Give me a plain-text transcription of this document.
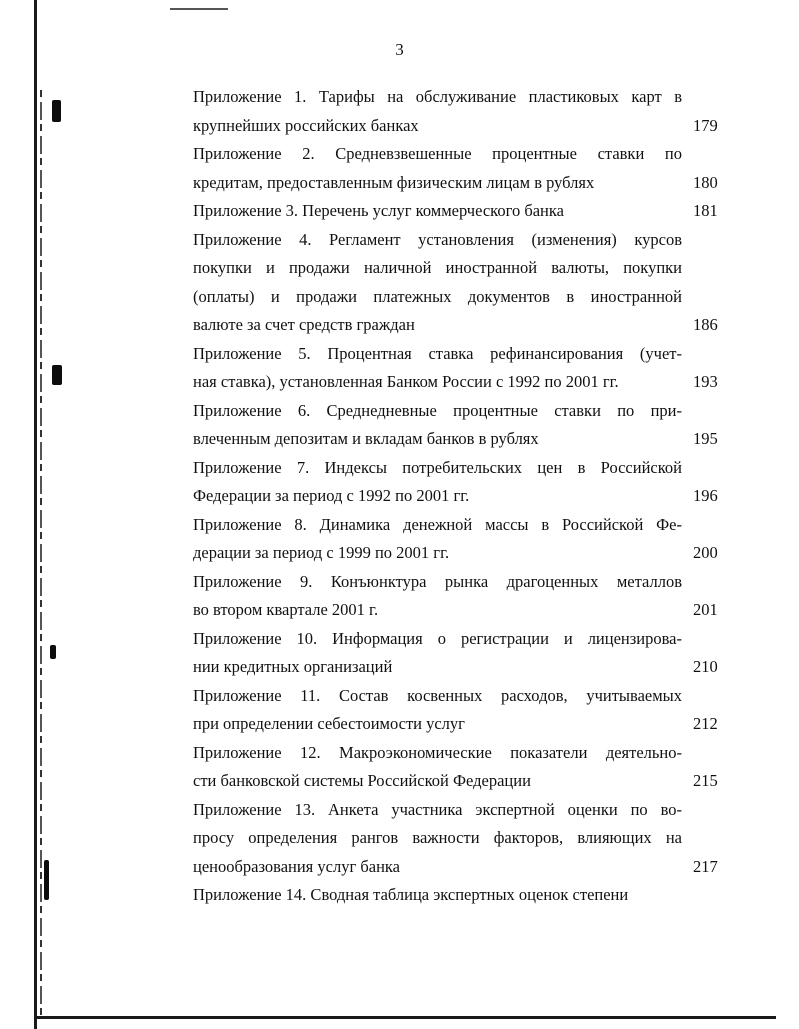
3
Приложение 1. Тарифы на обслуживание пластиковых карт в
крупнейших российских банках	179
Приложение 2. Средневзвешенные процентные ставки по
кредитам, предоставленным физическим лицам в рублях	180
Приложение 3. Перечень услуг коммерческого банка	181
Приложение 4. Регламент установления (изменения) курсов
покупки и продажи наличной иностранной валюты, покупки
(оплаты) и продажи платежных документов в иностранной
валюте за счет средств граждан	186
Приложение 5. Процентная ставка рефинансирования (учет-
ная ставка), установленная Банком России с 1992 по 2001 гг.	193
Приложение 6. Среднедневные процентные ставки по при-
влеченным депозитам и вкладам банков в рублях	195
Приложение 7. Индексы потребительских цен в Российской
Федерации за период с 1992 по 2001 гг.	196
Приложение 8. Динамика денежной массы в Российской Фе-
дерации за период с 1999 по 2001 гг.	200
Приложение 9. Конъюнктура рынка драгоценных металлов
во втором квартале 2001 г.	201
Приложение 10. Информация о регистрации и лицензирова-
нии кредитных организаций	210
Приложение 11. Состав косвенных расходов, учитываемых
при определении себестоимости услуг	212
Приложение 12. Макроэкономические показатели деятельно-
сти банковской системы Российской Федерации	215
Приложение 13. Анкета участника экспертной оценки по во-
просу определения рангов важности факторов, влияющих на
ценообразования услуг банка	217
Приложение 14. Сводная таблица экспертных оценок степени
